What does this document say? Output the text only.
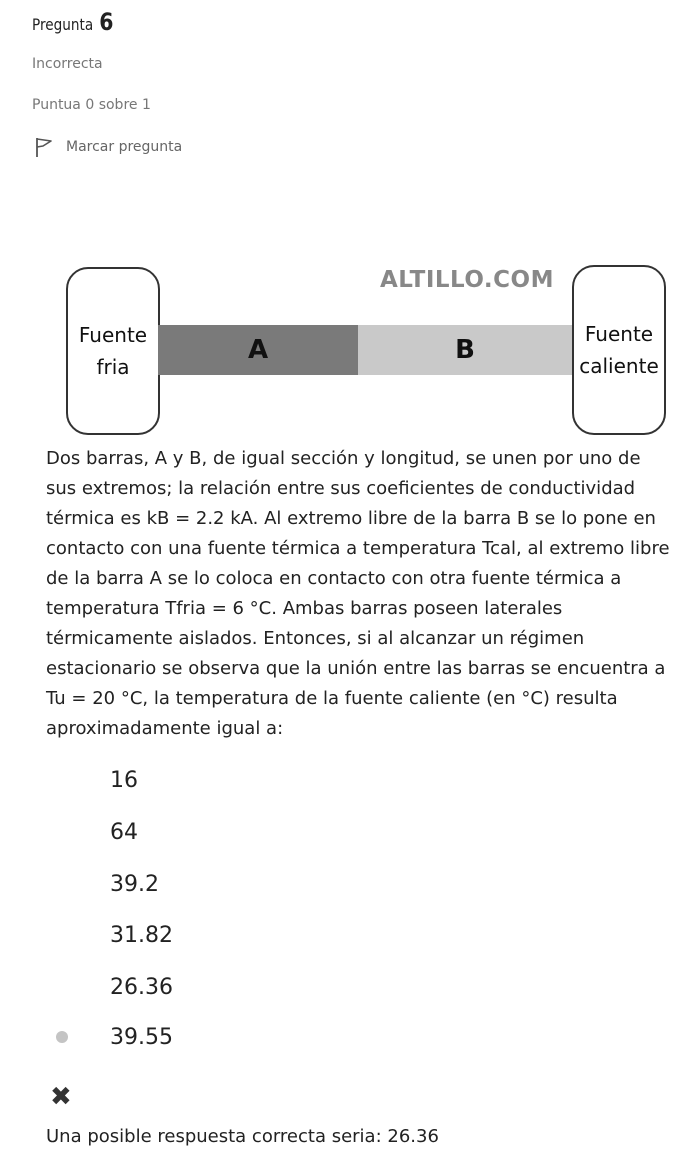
Pregunta 6
Incorrecta
Puntua 0 sobre 1
Marcar pregunta
Fuente
fria
A	B
Fuente
caliente
ALTILLO.COM
Dos barras, A y B, de igual sección y longitud, se unen por uno de sus extremos; la relación entre sus coeficientes de conductividad térmica es kB = 2.2 kA. Al extremo libre de la barra B se lo pone en contacto con una fuente térmica a temperatura Tcal, al extremo libre de la barra A se lo coloca en contacto con otra fuente térmica a temperatura Tfria = 6 °C. Ambas barras poseen laterales térmicamente aislados. Entonces, si al alcanzar un régimen estacionario se observa que la unión entre las barras se encuentra a Tu = 20 °C, la temperatura de la fuente caliente (en °C) resulta aproximadamente igual a:
16
64
39.2
31.82
26.36
39.55
✖
Una posible respuesta correcta seria: 26.36
